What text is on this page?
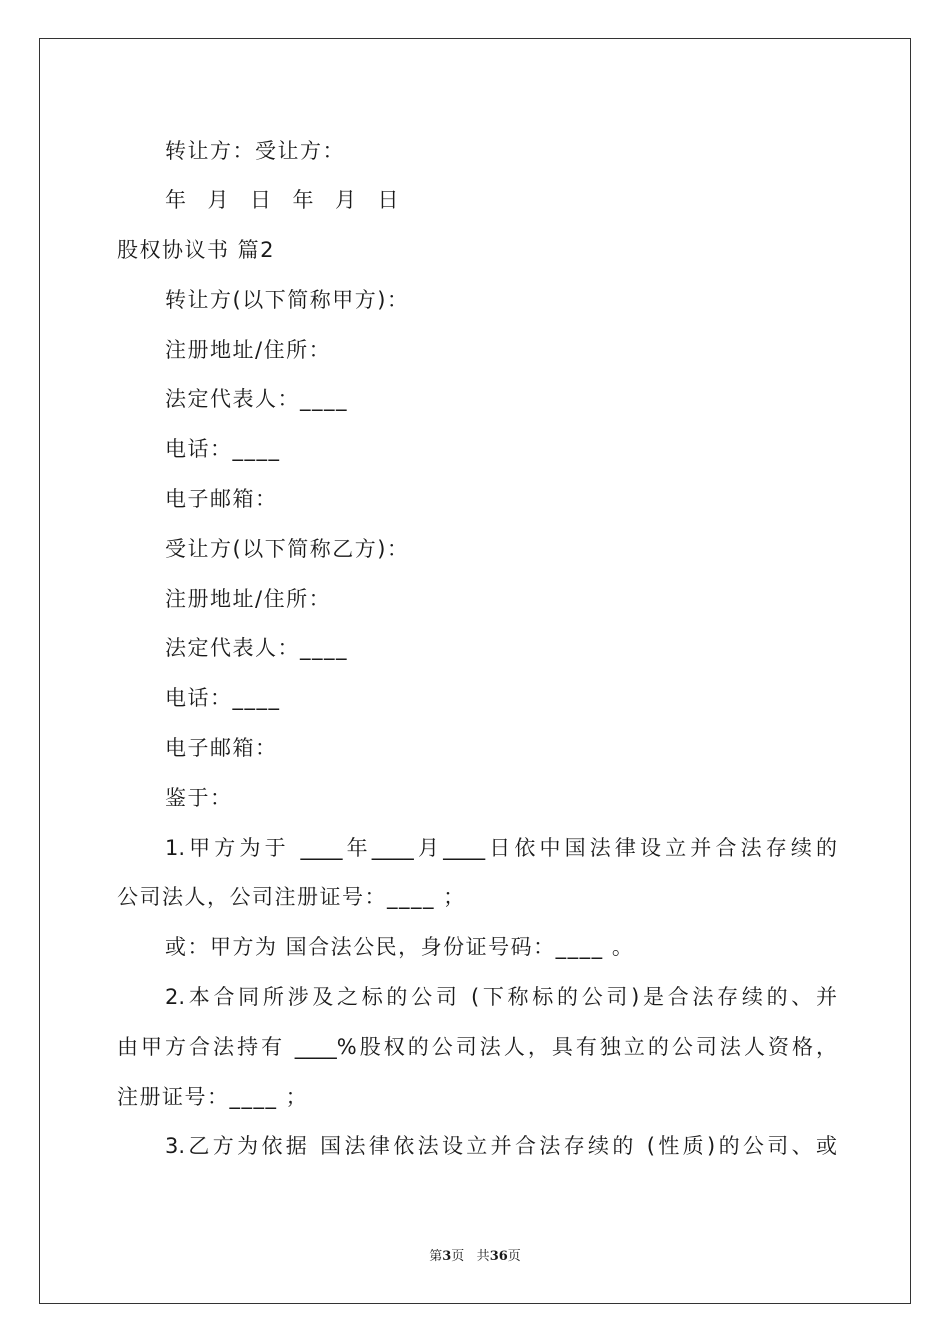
转让方：受让方：
年 月 日 年 月 日
股权协议书 篇2
转让方(以下简称甲方)：
注册地址/住所：
法定代表人：____
电话：____
电子邮箱：
受让方(以下简称乙方)：
注册地址/住所：
法定代表人：____
电话：____
电子邮箱：
鉴于：
1.甲方为于 ____年____月____日依中国法律设立并合法存续的
公司法人，公司注册证号：____ ；
或：甲方为 国合法公民，身份证号码：____ 。
2.本合同所涉及之标的公司 (下称标的公司)是合法存续的、并
由甲方合法持有 ____%股权的公司法人，具有独立的公司法人资格，
注册证号：____ ；
3.乙方为依据 国法律依法设立并合法存续的 (性质)的公司、或
第3页 共36页
